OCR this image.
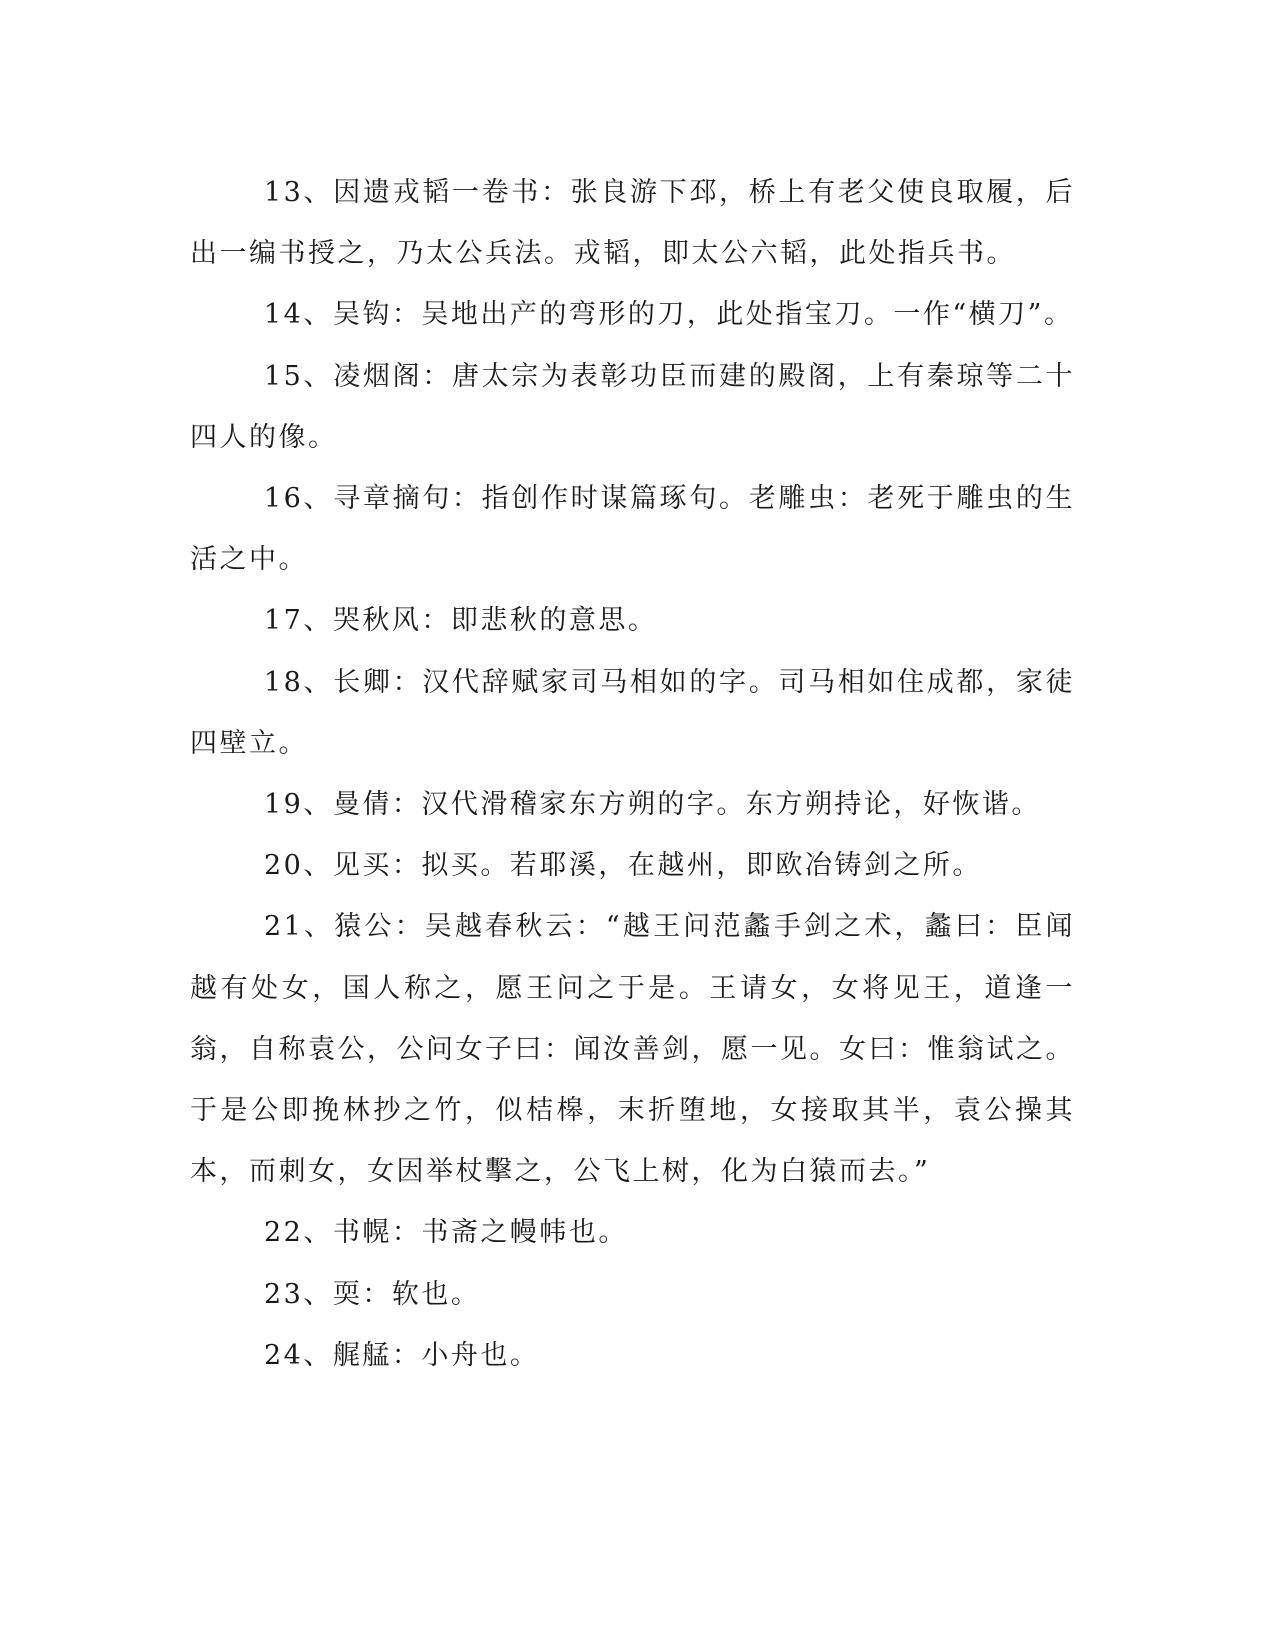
13、因遗戎韬一卷书：张良游下邳，桥上有老父使良取履，后出一编书授之，乃太公兵法。戎韬，即太公六韬，此处指兵书。

14、吴钩：吴地出产的弯形的刀，此处指宝刀。一作“横刀”。

15、凌烟阁：唐太宗为表彰功臣而建的殿阁，上有秦琼等二十四人的像。

16、寻章摘句：指创作时谋篇琢句。老雕虫：老死于雕虫的生活之中。

17、哭秋风：即悲秋的意思。

18、长卿：汉代辞赋家司马相如的字。司马相如住成都，家徒四壁立。

19、曼倩：汉代滑稽家东方朔的字。东方朔持论，好恢谐。

20、见买：拟买。若耶溪，在越州，即欧冶铸剑之所。

21、猿公：吴越春秋云：“越王问范蠡手剑之术，蠡曰：臣闻越有处女，国人称之，愿王问之于是。王请女，女将见王，道逢一翁，自称袁公，公问女子曰：闻汝善剑，愿一见。女曰：惟翁试之。于是公即挽林抄之竹，似桔槔，末折堕地，女接取其半，袁公操其本，而刺女，女因举杖擊之，公飞上树，化为白猿而去。”

22、书幌：书斋之幔帏也。

23、耎：软也。

24、艉艋：小舟也。
